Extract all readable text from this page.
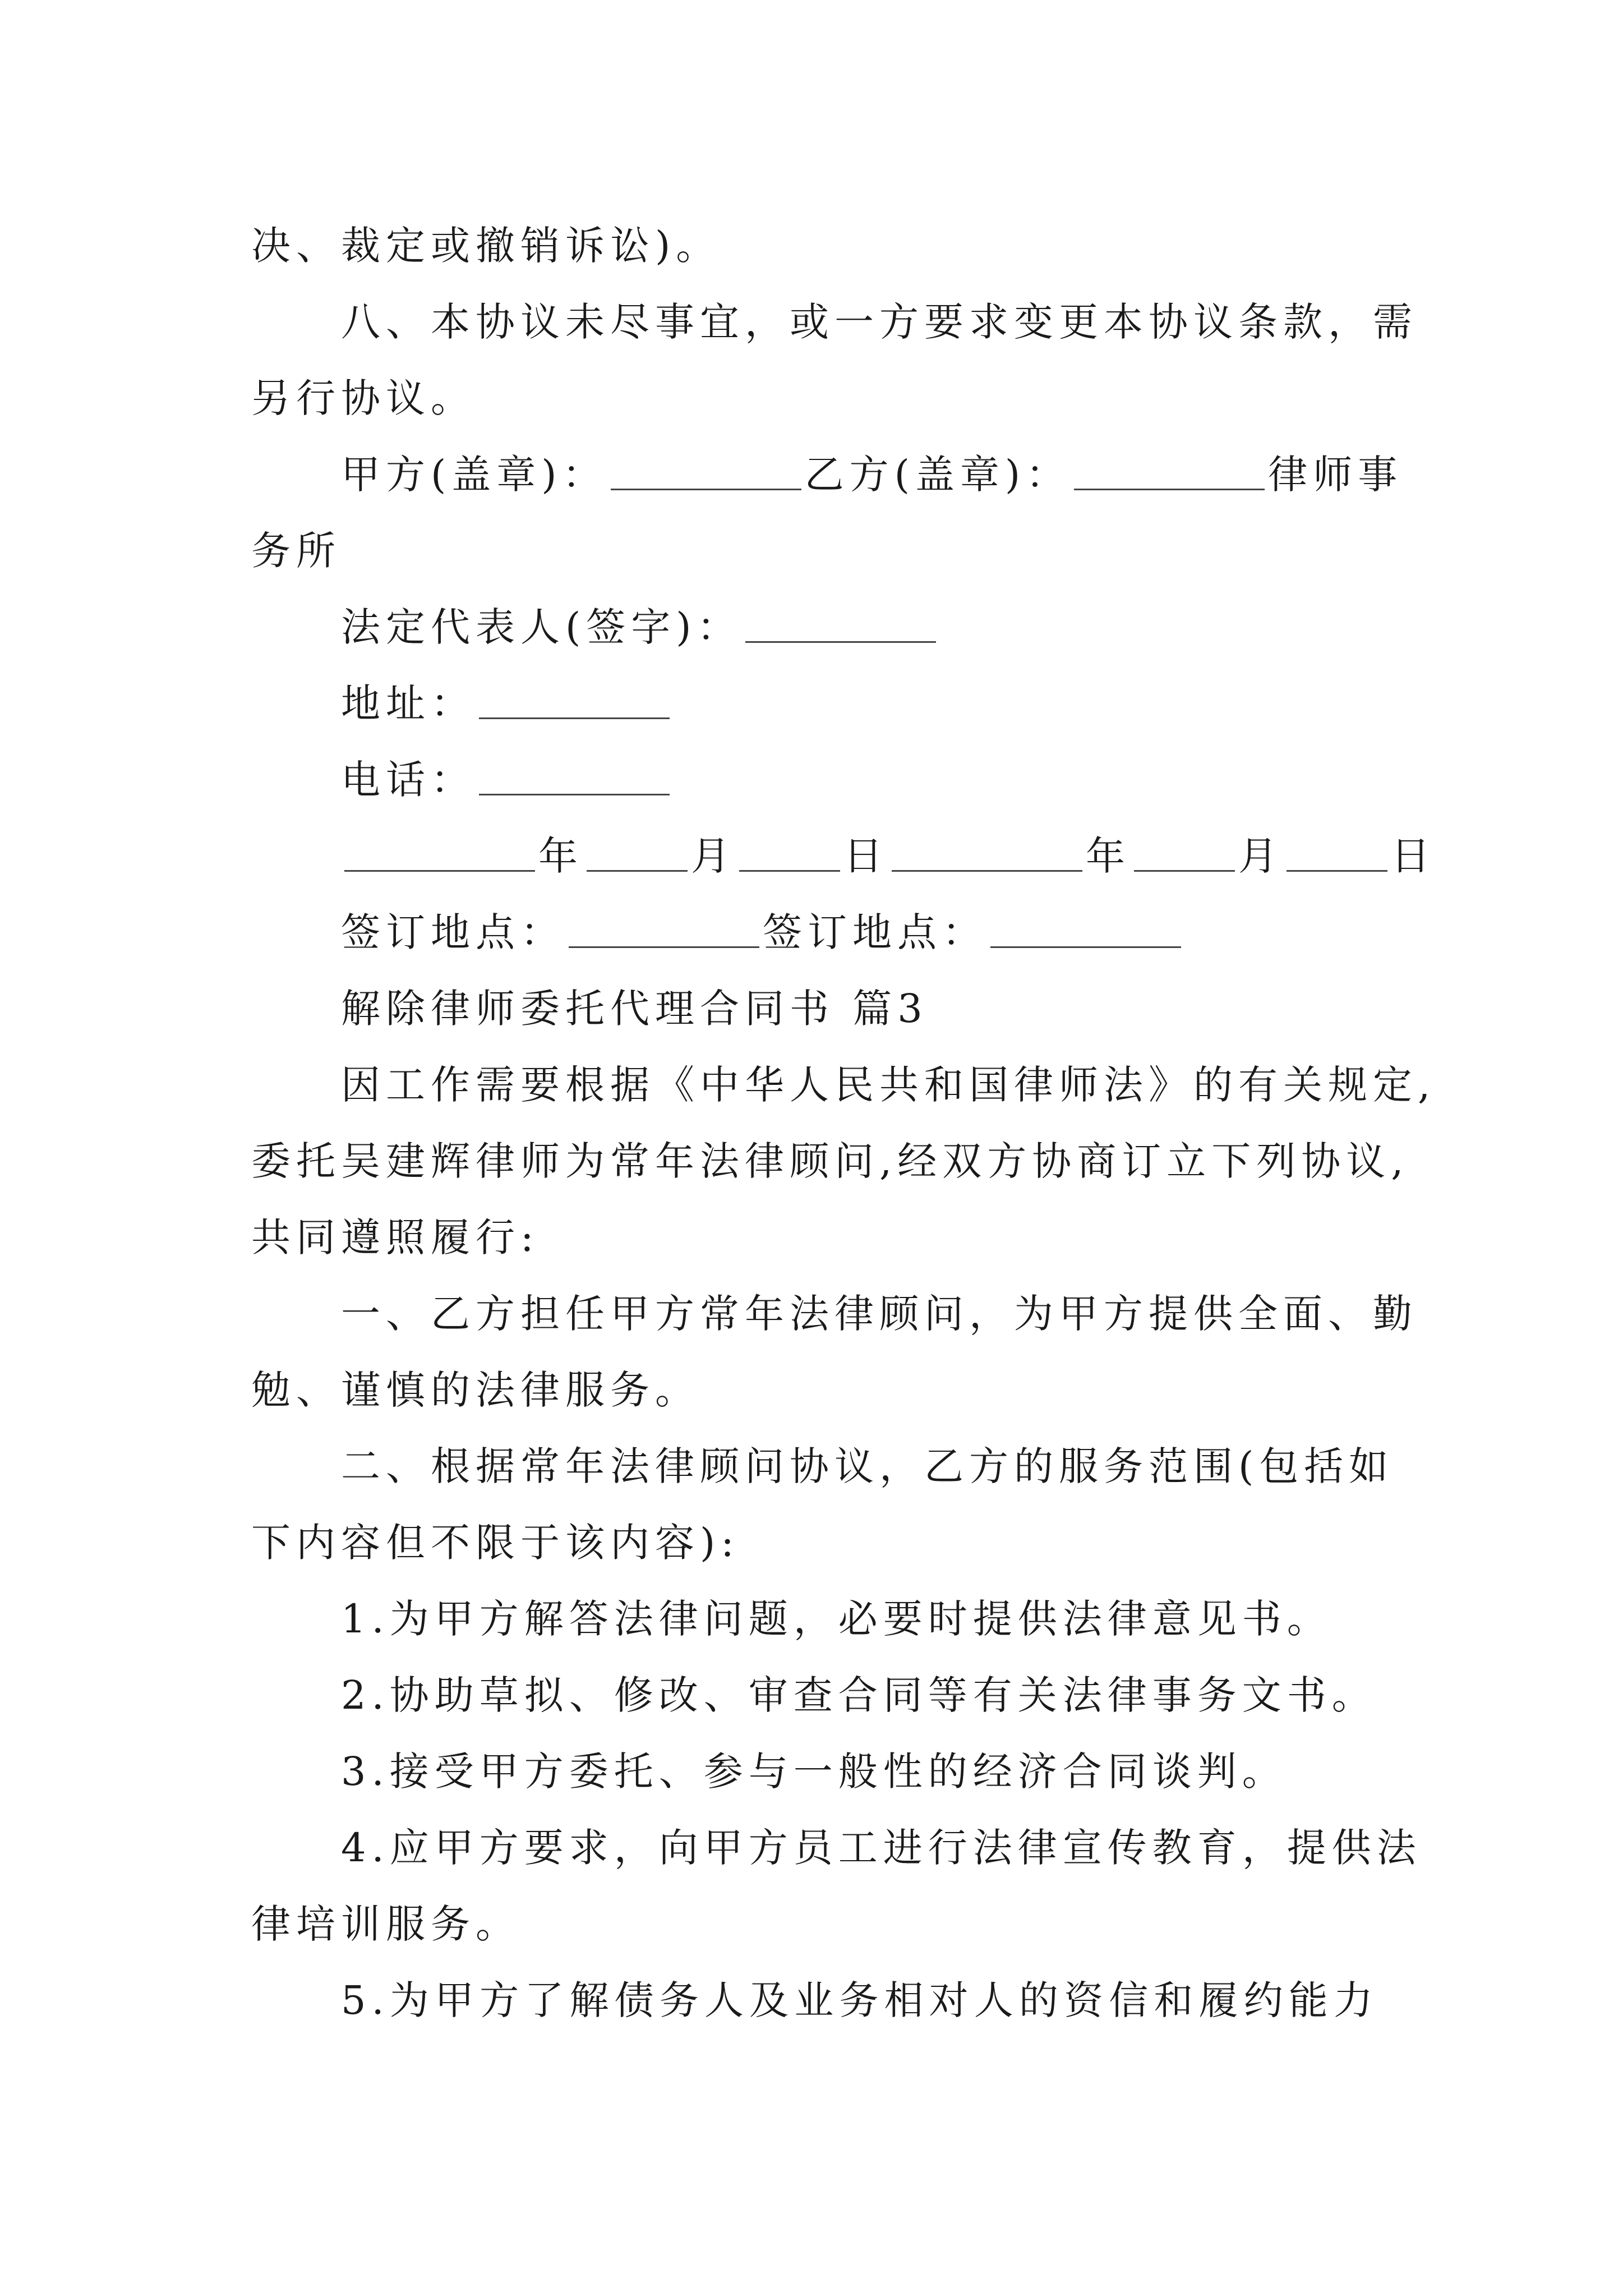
决、裁定或撤销诉讼)。
八、本协议未尽事宜，或一方要求变更本协议条款，需
另行协议。
甲方(盖章)：	乙方(盖章)：	律师事
务所
法定代表人(签字)：
地址：
电话：
年	月	日	年	月	日
签订地点：	签订地点：
解除律师委托代理合同书 篇3
因工作需要根据《中华人民共和国律师法》的有关规定,
委托吴建辉律师为常年法律顾问,经双方协商订立下列协议,
共同遵照履行:
一、乙方担任甲方常年法律顾问，为甲方提供全面、勤
勉、谨慎的法律服务。
二、根据常年法律顾问协议，乙方的服务范围(包括如
下内容但不限于该内容):
1.为甲方解答法律问题，必要时提供法律意见书。
2.协助草拟、修改、审查合同等有关法律事务文书。
3.接受甲方委托、参与一般性的经济合同谈判。
4.应甲方要求，向甲方员工进行法律宣传教育，提供法
律培训服务。
5.为甲方了解债务人及业务相对人的资信和履约能力
